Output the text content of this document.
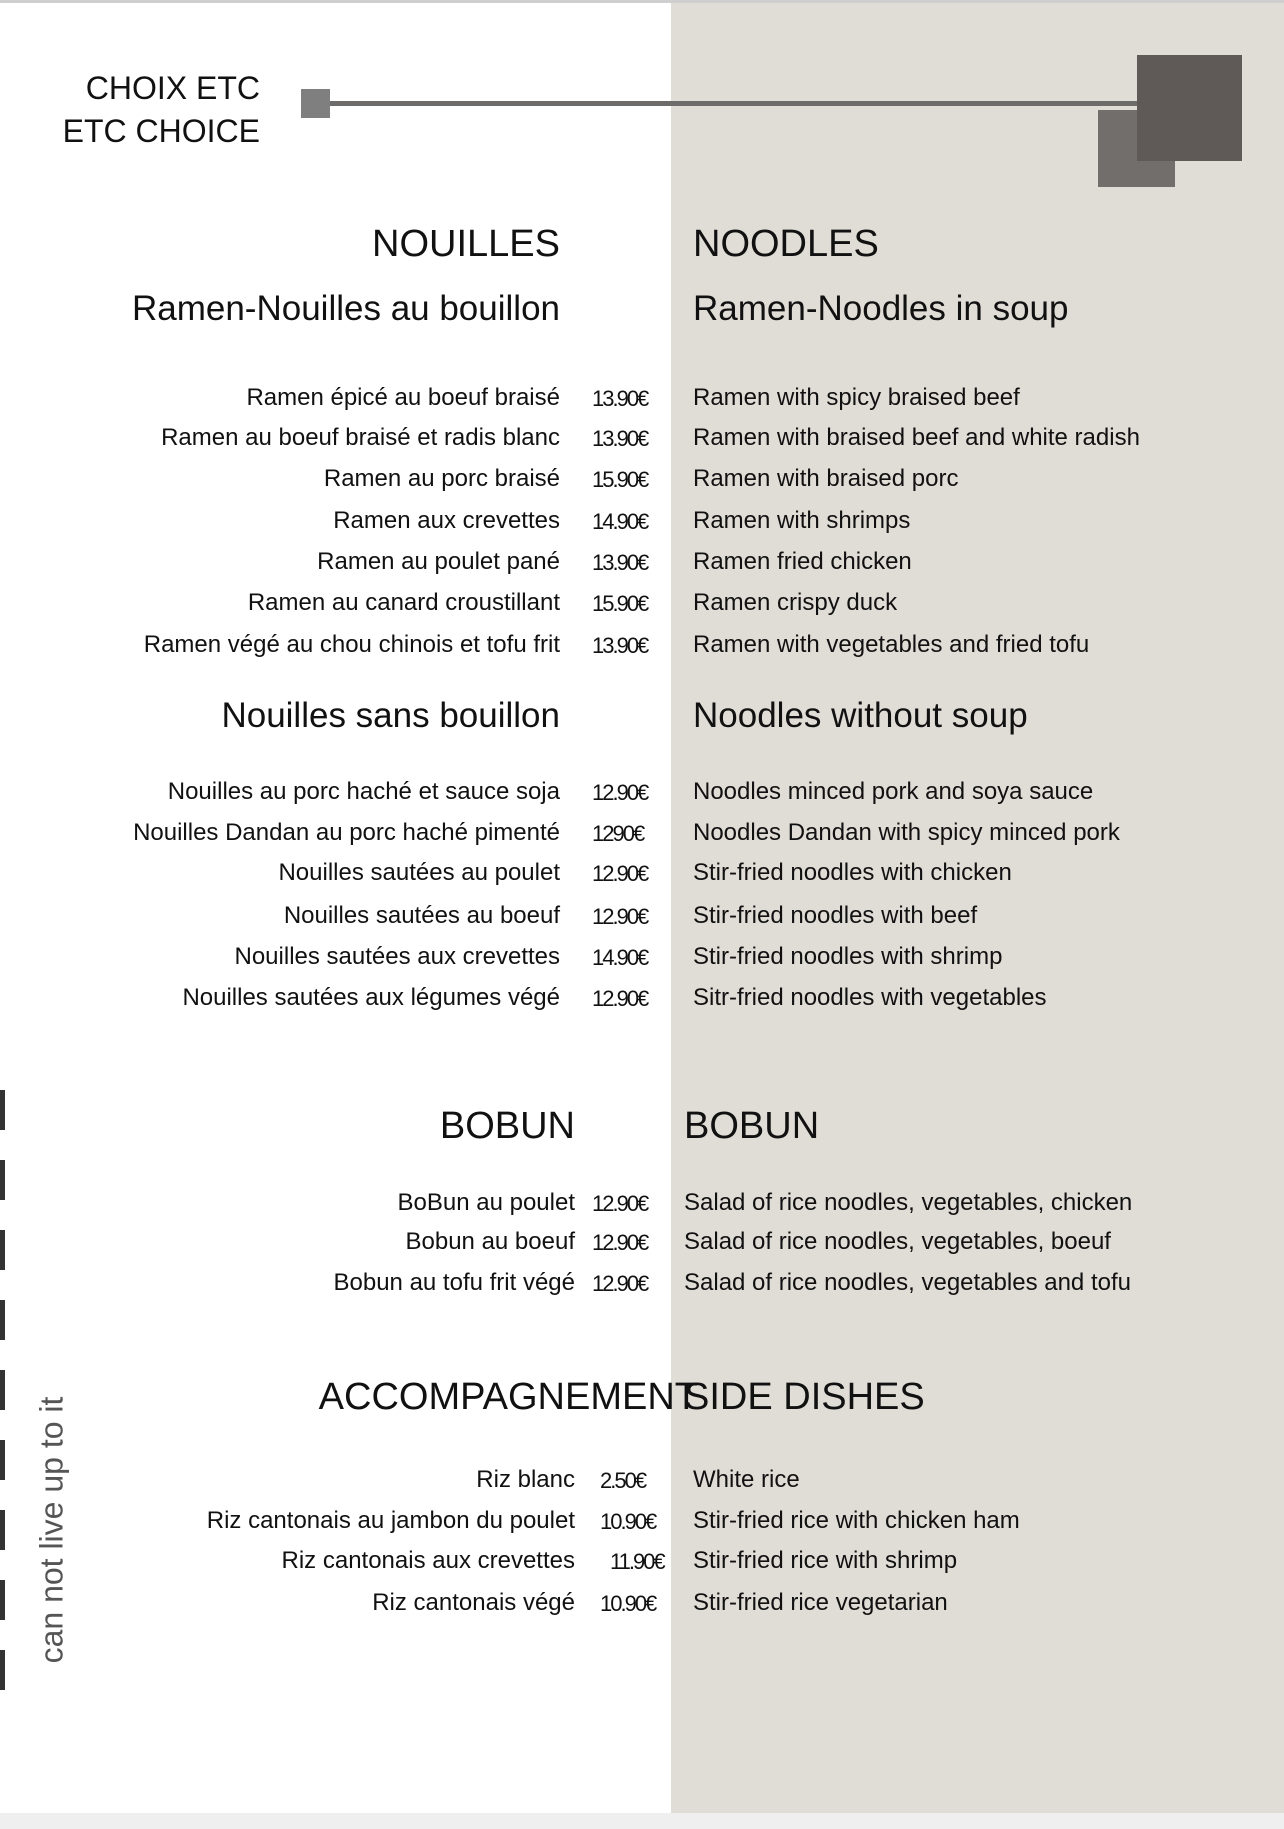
CHOIX ETC
ETC CHOICE
can not live up to it
NOUILLES	NOODLES
Ramen-Nouilles au bouillon	Ramen-Noodles in soup
Ramen épicé au boeuf braisé 13.90€ Ramen with spicy braised beef
Ramen au boeuf braisé et radis blanc 13.90€ Ramen with braised beef and white radish
Ramen au porc braisé 15.90€ Ramen with braised porc
Ramen aux crevettes 14.90€ Ramen with shrimps
Ramen au poulet pané 13.90€ Ramen fried chicken
Ramen au canard croustillant 15.90€ Ramen crispy duck
Ramen végé au chou chinois et tofu frit 13.90€ Ramen with vegetables and fried tofu
Nouilles sans bouillon	Noodles without soup
Nouilles au porc haché et sauce soja 12.90€ Noodles minced pork and soya sauce
Nouilles Dandan au porc haché pimenté 1290€ Noodles Dandan with spicy minced pork
Nouilles sautées au poulet 12.90€ Stir-fried noodles with chicken
Nouilles sautées au boeuf 12.90€ Stir-fried noodles with beef
Nouilles sautées aux crevettes 14.90€ Stir-fried noodles with shrimp
Nouilles sautées aux légumes végé 12.90€ Sitr-fried noodles with vegetables
BOBUN	BOBUN
BoBun au poulet 12.90€ Salad of rice noodles, vegetables, chicken
Bobun au boeuf 12.90€ Salad of rice noodles, vegetables, boeuf
Bobun au tofu frit végé 12.90€ Salad of rice noodles, vegetables and tofu
ACCOMPAGNEMENT
SIDE DISHES
Riz blanc 2.50€ White rice
Riz cantonais au jambon du poulet 10.90€ Stir-fried rice with chicken ham
Riz cantonais aux crevettes 11.90€ Stir-fried rice with shrimp
Riz cantonais végé 10.90€ Stir-fried rice vegetarian
